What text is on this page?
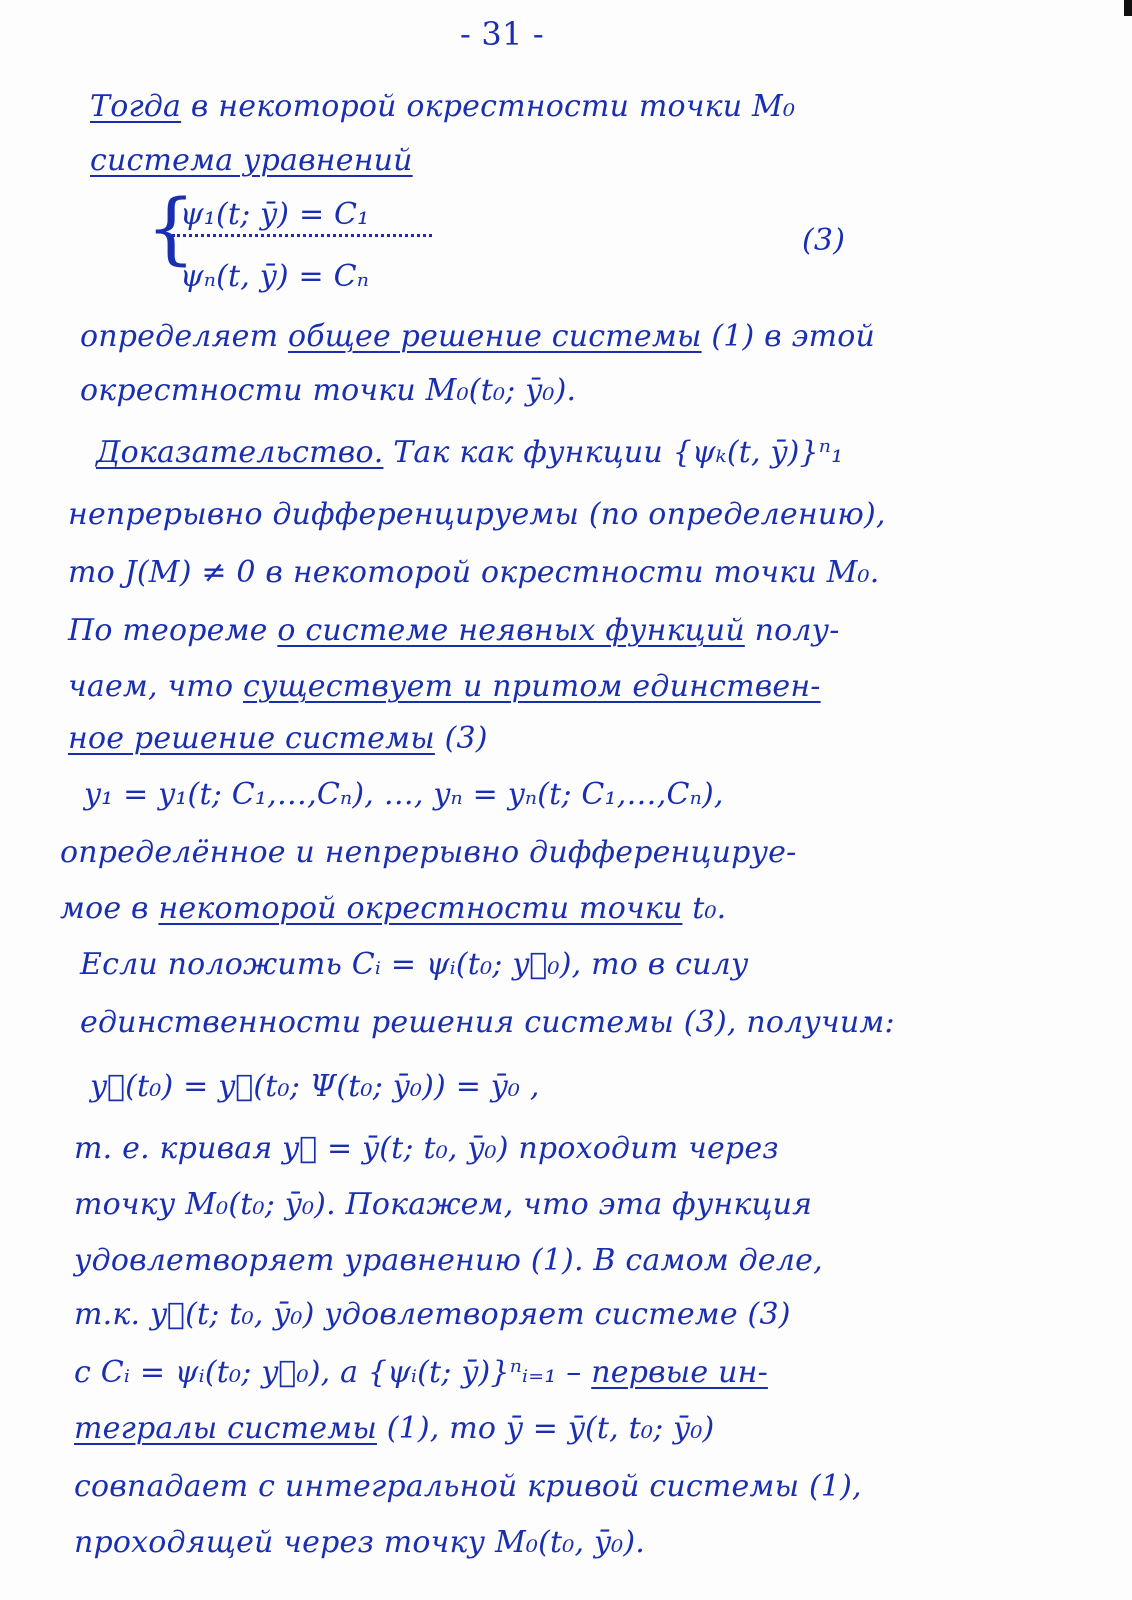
- 31 -
Тогда в некоторой окрестности точки M₀
система уравнений
{
ψ₁(t; ȳ) = C₁
ψₙ(t, ȳ) = Cₙ
(3)
определяет общее решение системы (1) в этой
окрестности точки M₀(t₀; ȳ₀).
Доказательство. Так как функции {ψₖ(t, ȳ)}ⁿ₁
непрерывно дифференцируемы (по определению),
то J(M) ≠ 0 в некоторой окрестности точки M₀.
По теореме о системе неявных функций полу-
чаем, что существует и притом единствен-
ное решение системы (3)
y₁ = y₁(t; C₁,…,Cₙ), …, yₙ = yₙ(t; C₁,…,Cₙ),
определённое и непрерывно дифференцируе-
мое в некоторой окрестности точки t₀.
Если положить Cᵢ = ψᵢ(t₀; y⃗₀), то в силу
единственности решения системы (3), получим:
y⃗(t₀) = y⃗(t₀; Ψ(t₀; ȳ₀)) = ȳ₀ ,
т. е. кривая y⃗ = ȳ(t; t₀, ȳ₀) проходит через
точку M₀(t₀; ȳ₀). Покажем, что эта функция
удовлетворяет уравнению (1). В самом деле,
т.к. y⃗(t; t₀, ȳ₀) удовлетворяет системе (3)
с Cᵢ = ψᵢ(t₀; y⃗₀), а {ψᵢ(t; ȳ)}ⁿᵢ₌₁ – первые ин-
тегралы системы (1), то ȳ = ȳ(t, t₀; ȳ₀)
совпадает с интегральной кривой системы (1),
проходящей через точку M₀(t₀, ȳ₀).
